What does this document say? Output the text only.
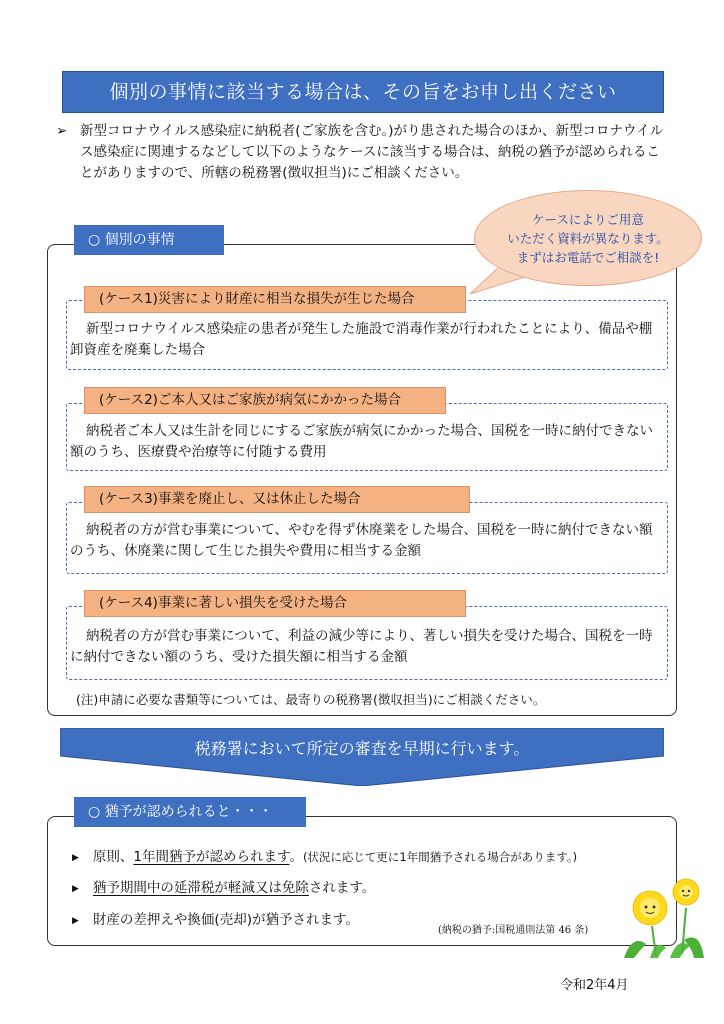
個別の事情に該当する場合は、その旨をお申し出ください
➢ 新型コロナウイルス感染症に納税者(ご家族を含む。)がり患された場合のほか、新型コロナウイルス感染症に関連するなどして以下のようなケースに該当する場合は、納税の猶予が認められることがありますので、所轄の税務署(徴収担当)にご相談ください。
○ 個別の事情
ケースによりご用意
いただく資料が異なります。
まずはお電話でご相談を!
(ケース1)災害により財産に相当な損失が生じた場合
新型コロナウイルス感染症の患者が発生した施設で消毒作業が行われたことにより、備品や棚卸資産を廃棄した場合
(ケース2)ご本人又はご家族が病気にかかった場合
納税者ご本人又は生計を同じにするご家族が病気にかかった場合、国税を一時に納付できない額のうち、医療費や治療等に付随する費用
(ケース3)事業を廃止し、又は休止した場合
納税者の方が営む事業について、やむを得ず休廃業をした場合、国税を一時に納付できない額のうち、休廃業に関して生じた損失や費用に相当する金額
(ケース4)事業に著しい損失を受けた場合
納税者の方が営む事業について、利益の減少等により、著しい損失を受けた場合、国税を一時に納付できない額のうち、受けた損失額に相当する金額
(注)申請に必要な書類等については、最寄りの税務署(徴収担当)にご相談ください。
税務署において所定の審査を早期に行います。
○ 猶予が認められると・・・
▶ 原則、1年間猶予が認められます。(状況に応じて更に1年間猶予される場合があります。)
▶ 猶予期間中の延滞税が軽減又は免除されます。
▶ 財産の差押えや換価(売却)が猶予されます。
(納税の猶予:国税通則法第 46 条)
令和2年4月
